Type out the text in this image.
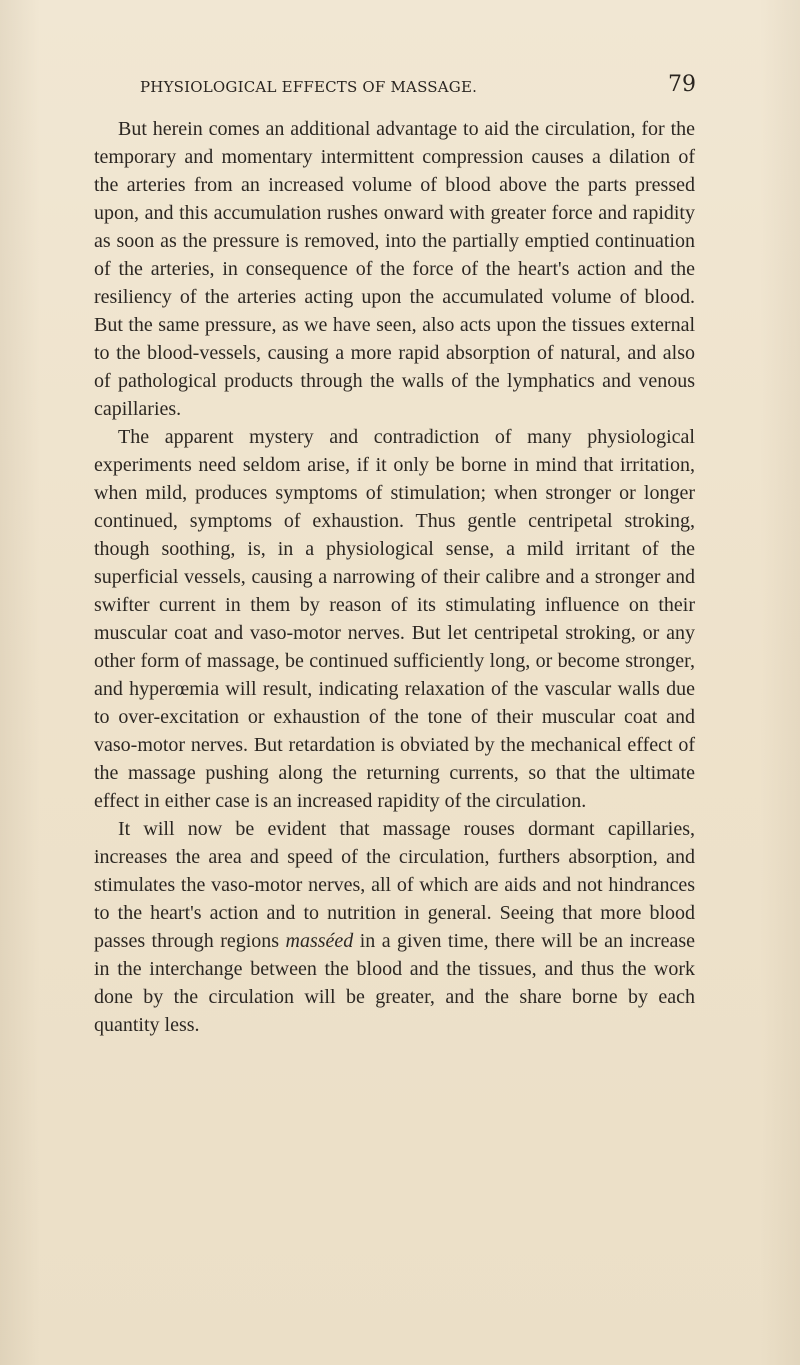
PHYSIOLOGICAL EFFECTS OF MASSAGE.	79

But herein comes an additional advantage to aid the circulation, for the temporary and momentary intermittent compression causes a dilation of the arteries from an increased volume of blood above the parts pressed upon, and this accumulation rushes onward with greater force and rapidity as soon as the pressure is removed, into the partially emptied continuation of the arteries, in consequence of the force of the heart's action and the resiliency of the arteries acting upon the accumulated volume of blood. But the same pressure, as we have seen, also acts upon the tissues external to the blood-vessels, causing a more rapid absorption of natural, and also of pathological products through the walls of the lymphatics and venous capillaries.

The apparent mystery and contradiction of many physiological experiments need seldom arise, if it only be borne in mind that irritation, when mild, produces symptoms of stimulation; when stronger or longer continued, symptoms of exhaustion. Thus gentle centripetal stroking, though soothing, is, in a physiological sense, a mild irritant of the superficial vessels, causing a narrowing of their calibre and a stronger and swifter current in them by reason of its stimulating influence on their muscular coat and vaso-motor nerves. But let centripetal stroking, or any other form of massage, be continued sufficiently long, or become stronger, and hyperœmia will result, indicating relaxation of the vascular walls due to over-excitation or exhaustion of the tone of their muscular coat and vaso-motor nerves. But retardation is obviated by the mechanical effect of the massage pushing along the returning currents, so that the ultimate effect in either case is an increased rapidity of the circulation.

It will now be evident that massage rouses dormant capillaries, increases the area and speed of the circulation, furthers absorption, and stimulates the vaso-motor nerves, all of which are aids and not hindrances to the heart's action and to nutrition in general. Seeing that more blood passes through regions masséed in a given time, there will be an increase in the interchange between the blood and the tissues, and thus the work done by the circulation will be greater, and the share borne by each quantity less.
